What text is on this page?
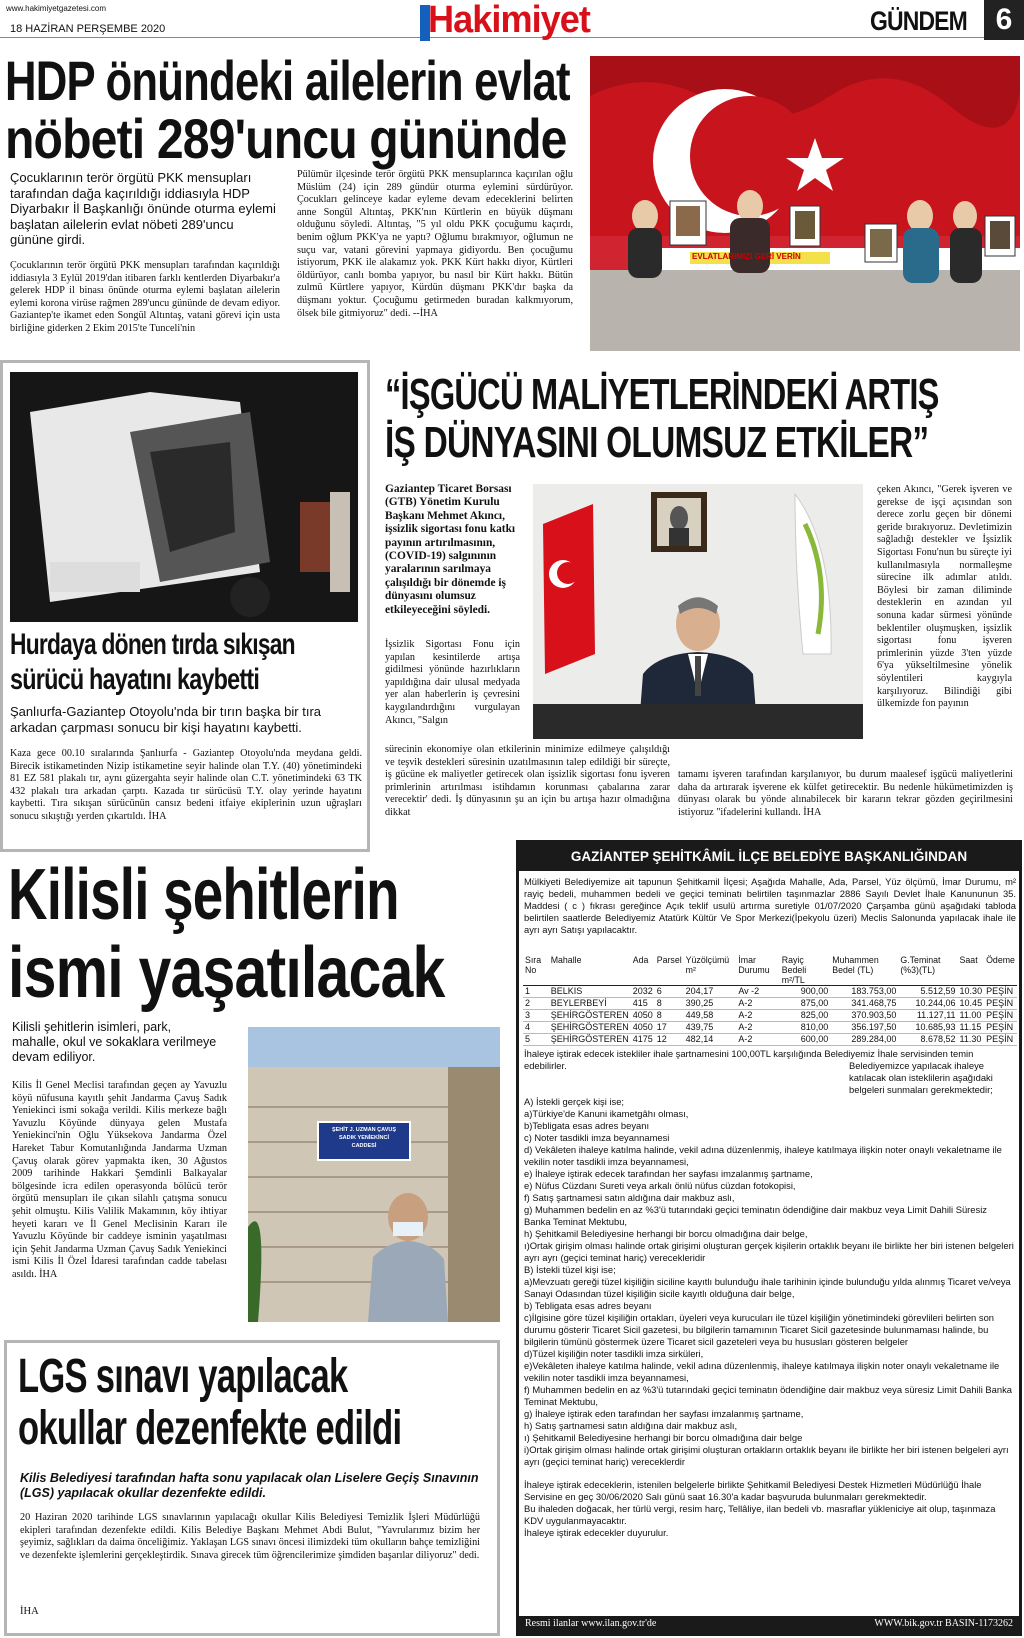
www.hakimiyetgazetesi.com
18 HAZİRAN PERŞEMBE 2020	Hakimiyet	GÜNDEM 6
HDP önündeki ailelerin evlat
nöbeti 289'uncu gününde
Çocuklarının terör örgütü PKK mensupları tarafından dağa kaçırıldığı iddiasıyla HDP Diyarbakır İl Başkanlığı önünde oturma eylemi başlatan ailelerin evlat nöbeti 289'uncu gününe girdi.
Çocuklarının terör örgütü PKK mensupları tarafından kaçırıldığı iddiasıyla 3 Eylül 2019'dan itibaren farklı kentlerden Diyarbakır'a gelerek HDP il binası önünde oturma eylemi başlatan ailelerin eylemi korona virüse rağmen 289'uncu gününde de devam ediyor. Gaziantep'te ikamet eden Songül Altıntaş, vatani görevi için usta birliğine giderken 2 Ekim 2015'te Tunceli'nin
Pülümür ilçesinde terör örgütü PKK mensuplarınca kaçırılan oğlu Müslüm (24) için 289 gündür oturma eylemini sürdürüyor. Çocukları gelinceye kadar eyleme devam edeceklerini belirten anne Songül Altıntaş, PKK'nın Kürtlerin en büyük düşmanı olduğunu söyledi. Altıntaş, "5 yıl oldu PKK çocuğumu kaçırdı, benim oğlum PKK'ya ne yaptı? Oğlumu bırakmıyor, oğlumun ne suçu var, vatani görevini yapmaya gidiyordu. Ben çocuğumu istiyorum, PKK ile alakamız yok. PKK Kürt hakkı diyor, Kürtleri öldürüyor, canlı bomba yapıyor, bu nasıl bir Kürt hakkı. Bütün zulmü Kürtlere yapıyor, Kürdün düşmanı PKK'dır başka da düşmanı yoktur. Çocuğumu getirmeden buradan kalkmıyorum, ölsek bile gitmiyoruz" dedi. --İHA
EVLATLARIMIZI GERİ VERİN
Hurdaya dönen tırda sıkışan
sürücü hayatını kaybetti
Şanlıurfa-Gaziantep Otoyolu'nda bir tırın başka bir tıra arkadan çarpması sonucu bir kişi hayatını kaybetti.
Kaza gece 00.10 sıralarında Şanlıurfa - Gaziantep Otoyolu'nda meydana geldi. Birecik istikametinden Nizip istikametine seyir halinde olan T.Y. (40) yönetimindeki 81 EZ 581 plakalı tır, aynı güzergahta seyir halinde olan C.T. yönetimindeki 63 TK 432 plakalı tıra arkadan çarptı. Kazada tır sürücüsü T.Y. olay yerinde hayatını kaybetti. Tıra sıkışan sürücünün cansız bedeni itfaiye ekiplerinin uzun uğraşları sonucu sıkıştığı yerden çıkartıldı. İHA
“İŞGÜCÜ MALİYETLERİNDEKİ ARTIŞ
İŞ DÜNYASINI OLUMSUZ ETKİLER”
Gaziantep Ticaret Borsası (GTB) Yönetim Kurulu Başkanı Mehmet Akıncı, işsizlik sigortası fonu katkı payının artırılmasının, (COVID-19) salgınının yaralarının sarılmaya çalışıldığı bir dönemde iş dünyasını olumsuz etkileyeceğini söyledi.
İşsizlik Sigortası Fonu için yapılan kesintilerde artışa gidilmesi yönünde hazırlıkların yapıldığına dair ulusal medyada yer alan haberlerin iş çevresini kaygılandırdığını vurgulayan Akıncı, "Salgın
sürecinin ekonomiye olan etkilerinin minimize edilmeye çalışıldığı ve teşvik destekleri süresinin uzatılmasının talep edildiği bir süreçte, iş gücüne ek maliyetler getirecek olan işsizlik sigortası fonu işveren primlerinin artırılması istihdamın korunması çabalarına zarar verecektir' dedi. İş dünyasının şu an için bu artışa hazır olmadığına dikkat
çeken Akıncı, "Gerek işveren ve gerekse de işçi açısından son derece zorlu geçen bir dönemi geride bırakıyoruz. Devletimizin sağladığı destekler ve İşsizlik Sigortası Fonu'nun bu süreçte iyi kullanılmasıyla normalleşme sürecine ilk adımlar atıldı. Böylesi bir zaman diliminde desteklerin en azından yıl sonuna kadar sürmesi yönünde beklentiler oluşmuşken, işsizlik sigortası fonu işveren primlerinin yüzde 3'ten yüzde 6'ya yükseltilmesine yönelik söylentileri kaygıyla karşılıyoruz. Bilindiği gibi ülkemizde fon payının
tamamı işveren tarafından karşılanıyor, bu durum maalesef işgücü maliyetlerini daha da artırarak işverene ek külfet getirecektir. Bu nedenle hükümetimizden iş dünyası olarak bu yönde alınabilecek bir kararın tekrar gözden geçirilmesini istiyoruz "ifadelerini kullandı. İHA
Kilisli şehitlerin
ismi yaşatılacak
Kilisli şehitlerin isimleri, park, mahalle, okul ve sokaklara verilmeye devam ediliyor.
Kilis İl Genel Meclisi tarafından geçen ay Yavuzlu köyü nüfusuna kayıtlı şehit Jandarma Çavuş Sadık Yeniekinci ismi sokağa verildi. Kilis merkeze bağlı Yavuzlu Köyünde dünyaya gelen Mustafa Yeniekinci'nin Oğlu Yüksekova Jandarma Özel Hareket Tabur Komutanlığında Jandarma Uzman Çavuş olarak görev yapmakta iken, 30 Ağustos 2009 tarihinde Hakkari Şemdinli Balkayalar bölgesinde icra edilen operasyonda bölücü terör örgütü mensupları ile çıkan silahlı çatışma sonucu şehit olmuştu. Kilis Valilik Makamının, köy ihtiyar heyeti kararı ve İl Genel Meclisinin Kararı ile Yavuzlu Köyünde bir caddeye isminin yaşatılması için Şehit Jandarma Uzman Çavuş Sadık Yeniekinci ismi Kilis İl Özel İdaresi tarafından cadde tabelası asıldı. İHA
ŞEHİT J. UZMAN ÇAVUŞ
SADIK YENİEKİNCİ
CADDESİ
LGS sınavı yapılacak
okullar dezenfekte edildi
Kilis Belediyesi tarafından hafta sonu yapılacak olan Liselere Geçiş Sınavının (LGS) yapılacak okullar dezenfekte edildi.
20 Haziran 2020 tarihinde LGS sınavlarının yapılacağı okullar Kilis Belediyesi Temizlik İşleri Müdürlüğü ekipleri tarafından dezenfekte edildi. Kilis Belediye Başkanı Mehmet Abdi Bulut, "Yavrularımız bizim her şeyimiz, sağlıkları da daima önceliğimiz. Yaklaşan LGS sınavı öncesi ilimizdeki tüm okulların bahçe temizliğini ve dezenfekte işlemlerini gerçekleştirdik. Sınava girecek tüm öğrencilerimize şimdiden başarılar diliyoruz" dedi.
İHA
GAZİANTEP ŞEHİTKÂMİL İLÇE BELEDİYE BAŞKANLIĞINDAN
Mülkiyeti Belediyemize ait tapunun Şehitkamil İlçesi; Aşağıda Mahalle, Ada, Parsel, Yüz ölçümü, İmar Durumu, m² rayiç bedeli, muhammen bedeli ve geçici teminatı belirtilen taşınmazlar 2886 Sayılı Devlet İhale Kanununun 35. Maddesi ( c ) fıkrası gereğince Açık teklif usulü artırma suretiyle 01/07/2020 Çarşamba günü aşağıdaki tabloda belirtilen saatlerde Belediyemiz Atatürk Kültür Ve Spor Merkezi(İpekyolu üzeri) Meclis Salonunda yapılacak ihale ile ayrı ayrı Satışı yapılacaktır.
Sıra No	Mahalle	Ada	Parsel	Yüzölçümü m²	İmar Durumu	Rayiç Bedeli m²/TL	Muhammen Bedel (TL)	G.Teminat (%3)(TL)	Saat	Ödeme
1	BELKIS	2032	6	204,17	Av -2	900,00	183.753,00	5.512,59	10.30	PEŞİN
2	BEYLERBEYİ	415	8	390,25	A-2	875,00	341.468,75	10.244,06	10.45	PEŞİN
3	ŞEHİRGÖSTEREN	4050	8	449,58	A-2	825,00	370.903,50	11.127,11	11.00	PEŞİN
4	ŞEHİRGÖSTEREN	4050	17	439,75	A-2	810,00	356.197,50	10.685,93	11.15	PEŞİN
5	ŞEHİRGÖSTEREN	4175	12	482,14	A-2	600,00	289.284,00	8.678,52	11.30	PEŞİN
İhaleye iştirak edecek istekliler ihale şartnamesini 100,00TL karşılığında Belediyemiz İhale servisinden temin edebilirler.	Belediyemizce yapılacak ihaleye katılacak olan isteklilerin aşağıdaki belgeleri sunmaları gerekmektedir;
A) İstekli gerçek kişi ise;
a)Türkiye'de Kanuni ikametgâhı olması,
b)Tebligata esas adres beyanı
c) Noter tasdikli imza beyannamesi
d) Vekâleten ihaleye katılma halinde, vekil adına düzenlenmiş, ihaleye katılmaya ilişkin noter onaylı vekaletname ile vekilin noter tasdikli imza beyannamesi,
e) İhaleye iştirak edecek tarafından her sayfası imzalanmış şartname,
e) Nüfus Cüzdanı Sureti veya arkalı önlü nüfus cüzdan fotokopisi,
f) Satış şartnamesi satın aldığına dair makbuz aslı,
g) Muhammen bedelin en az %3'ü tutarındaki geçici teminatın ödendiğine dair makbuz veya Limit Dahili Süresiz Banka Teminat Mektubu,
h) Şehitkamil Belediyesine herhangi bir borcu olmadığına dair belge,
ı)Ortak girişim olması halinde ortak girişimi oluşturan gerçek kişilerin ortaklık beyanı ile birlikte her biri istenen belgeleri ayrı ayrı (geçici teminat hariç) verecekleridir
B) İstekli tüzel kişi ise;
a)Mevzuatı gereği tüzel kişiliğin siciline kayıtlı bulunduğu ihale tarihinin içinde bulunduğu yılda alınmış Ticaret ve/veya Sanayi Odasından tüzel kişiliğin sicile kayıtlı olduğuna dair belge,
b) Tebligata esas adres beyanı
c)İlgisine göre tüzel kişiliğin ortakları, üyeleri veya kurucuları ile tüzel kişiliğin yönetimindeki görevlileri belirten son durumu gösterir Ticaret Sicil gazetesi, bu bilgilerin tamamının Ticaret Sicil gazetesinde bulunmaması halinde, bu bilgilerin tümünü göstermek üzere Ticaret sicil gazeteleri veya bu hususları gösteren belgeler
d)Tüzel kişiliğin noter tasdikli imza sirküleri,
e)Vekâleten ihaleye katılma halinde, vekil adına düzenlenmiş, ihaleye katılmaya ilişkin noter onaylı vekaletname ile vekilin noter tasdikli imza beyannamesi,
f) Muhammen bedelin en az %3'ü tutarındaki geçici teminatın ödendiğine dair makbuz veya süresiz Limit Dahili Banka Teminat Mektubu,
g) İhaleye iştirak eden tarafından her sayfası imzalanmış şartname,
h) Satış şartnamesi satın aldığına dair makbuz aslı,
ı) Şehitkamil Belediyesine herhangi bir borcu olmadığına dair belge
i)Ortak girişim olması halinde ortak girişimi oluşturan ortakların ortaklık beyanı ile birlikte her biri istenen belgeleri ayrı ayrı (geçici teminat hariç) vereceklerdir
İhaleye iştirak edeceklerin, istenilen belgelerle birlikte Şehitkamil Belediyesi Destek Hizmetleri Müdürlüğü İhale Servisine en geç 30/06/2020 Salı günü saat 16.30'a kadar başvuruda bulunmaları gerekmektedir.
Bu ihaleden doğacak, her türlü vergi, resim harç, Tellâliye, ilan bedeli vb. masraflar yükleniciye ait olup, taşınmaza KDV uygulanmayacaktır.
İhaleye iştirak edecekler duyurulur.
Resmi ilanlar www.ilan.gov.tr'de	WWW.bik.gov.tr BASIN-1173262
